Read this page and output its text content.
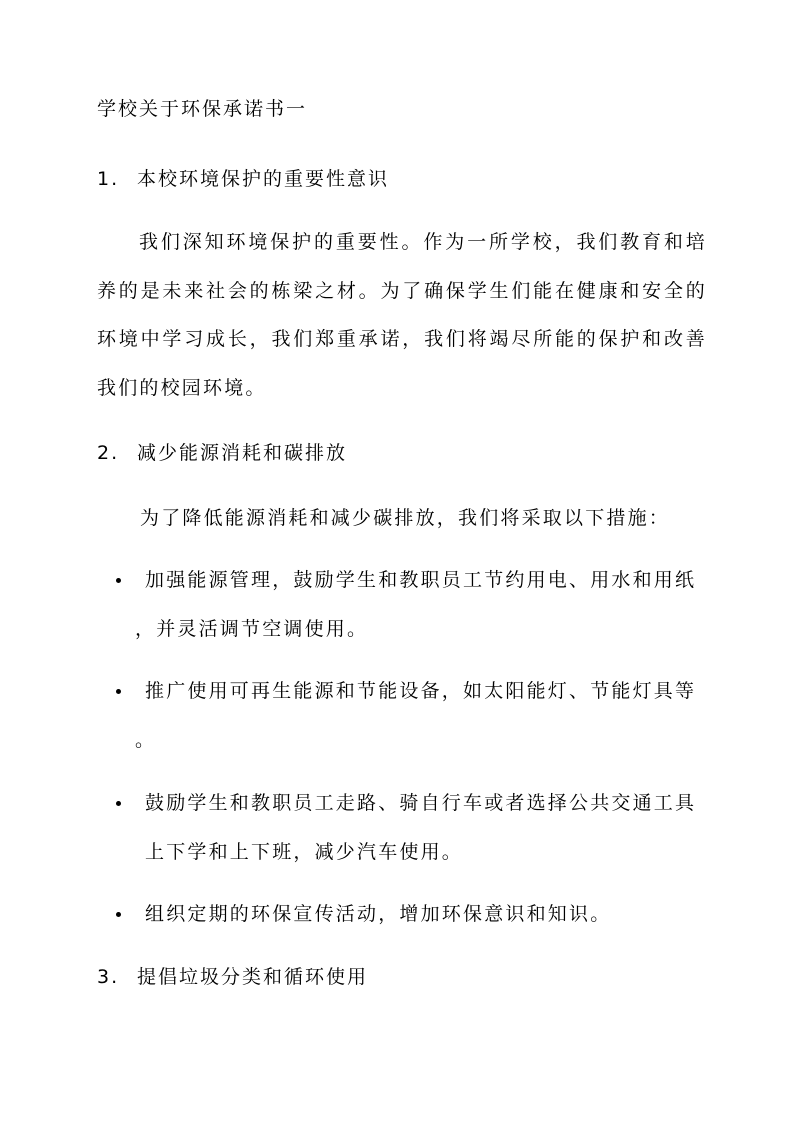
学校关于环保承诺书一
1. 本校环境保护的重要性意识

我们深知环境保护的重要性。作为一所学校，我们教育和培养的是未来社会的栋梁之材。为了确保学生们能在健康和安全的环境中学习成长，我们郑重承诺，我们将竭尽所能的保护和改善我们的校园环境。

2. 减少能源消耗和碳排放
为了降低能源消耗和减少碳排放，我们将采取以下措施：
加强能源管理，鼓励学生和教职员工节约用电、用水和用纸
，并灵活调节空调使用。
推广使用可再生能源和节能设备，如太阳能灯、节能灯具等
。
鼓励学生和教职员工走路、骑自行车或者选择公共交通工具
上下学和上下班，减少汽车使用。
组织定期的环保宣传活动，增加环保意识和知识。
3. 提倡垃圾分类和循环使用
